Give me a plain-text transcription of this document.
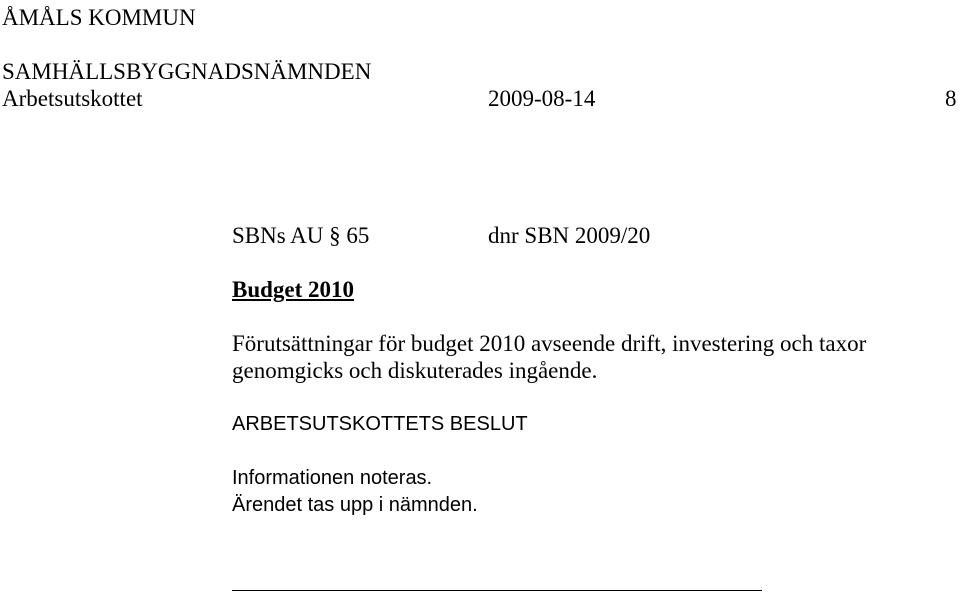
ÅMÅLS KOMMUN
SAMHÄLLSBYGGNADSNÄMNDEN
Arbetsutskottet	2009-08-14	8
SBNs AU § 65	dnr SBN 2009/20
Budget 2010
Förutsättningar för budget 2010 avseende drift, investering och taxor
genomgicks och diskuterades ingående.
ARBETSUTSKOTTETS BESLUT
Informationen noteras.
Ärendet tas upp i nämnden.
